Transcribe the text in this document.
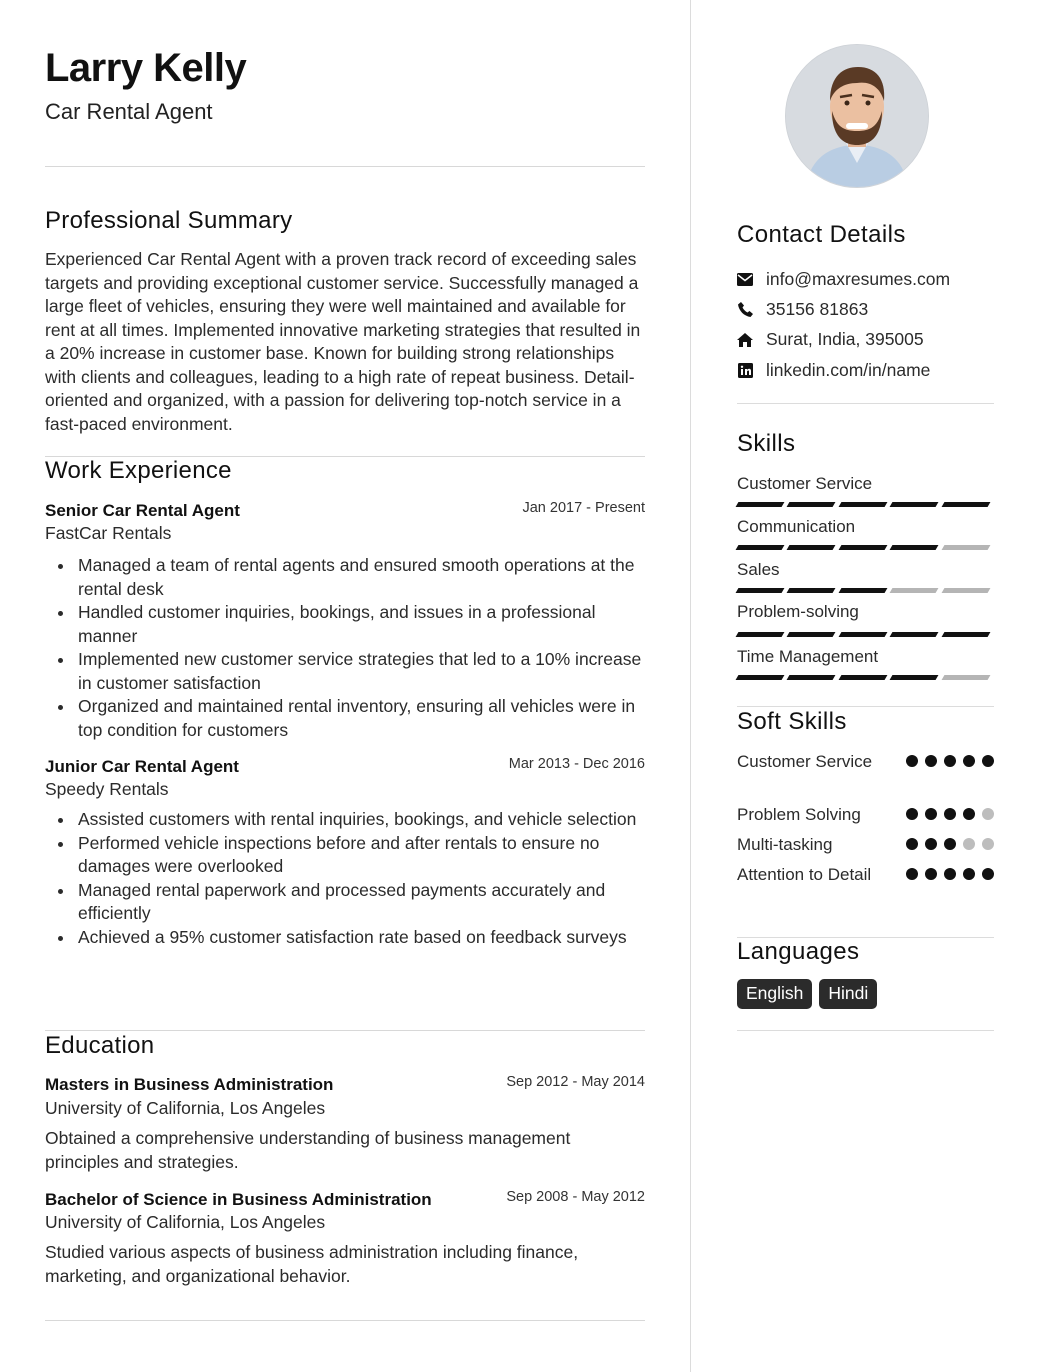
Larry Kelly
Car Rental Agent
Professional Summary
Experienced Car Rental Agent with a proven track record of exceeding sales targets and providing exceptional customer service. Successfully managed a large fleet of vehicles, ensuring they were well maintained and available for rent at all times. Implemented innovative marketing strategies that resulted in a 20% increase in customer base. Known for building strong relationships with clients and colleagues, leading to a high rate of repeat business. Detail-oriented and organized, with a passion for delivering top-notch service in a fast-paced environment.
Work Experience
Senior Car Rental Agent	Jan 2017 - Present
FastCar Rentals
Managed a team of rental agents and ensured smooth operations at the rental desk
Handled customer inquiries, bookings, and issues in a professional manner
Implemented new customer service strategies that led to a 10% increase in customer satisfaction
Organized and maintained rental inventory, ensuring all vehicles were in top condition for customers
Junior Car Rental Agent	Mar 2013 - Dec 2016
Speedy Rentals
Assisted customers with rental inquiries, bookings, and vehicle selection
Performed vehicle inspections before and after rentals to ensure no damages were overlooked
Managed rental paperwork and processed payments accurately and efficiently
Achieved a 95% customer satisfaction rate based on feedback surveys
Education
Masters in Business Administration	Sep 2012 - May 2014
University of California, Los Angeles
Obtained a comprehensive understanding of business management principles and strategies.
Bachelor of Science in Business Administration	Sep 2008 - May 2012
University of California, Los Angeles
Studied various aspects of business administration including finance, marketing, and organizational behavior.
Contact Details
info@maxresumes.com
35156 81863
Surat, India, 395005
linkedin.com/in/name
Skills
Customer Service
Communication
Sales
Problem-solving
Time Management
Soft Skills
Customer Service
Problem Solving
Multi-tasking
Attention to Detail
Languages
English	Hindi
